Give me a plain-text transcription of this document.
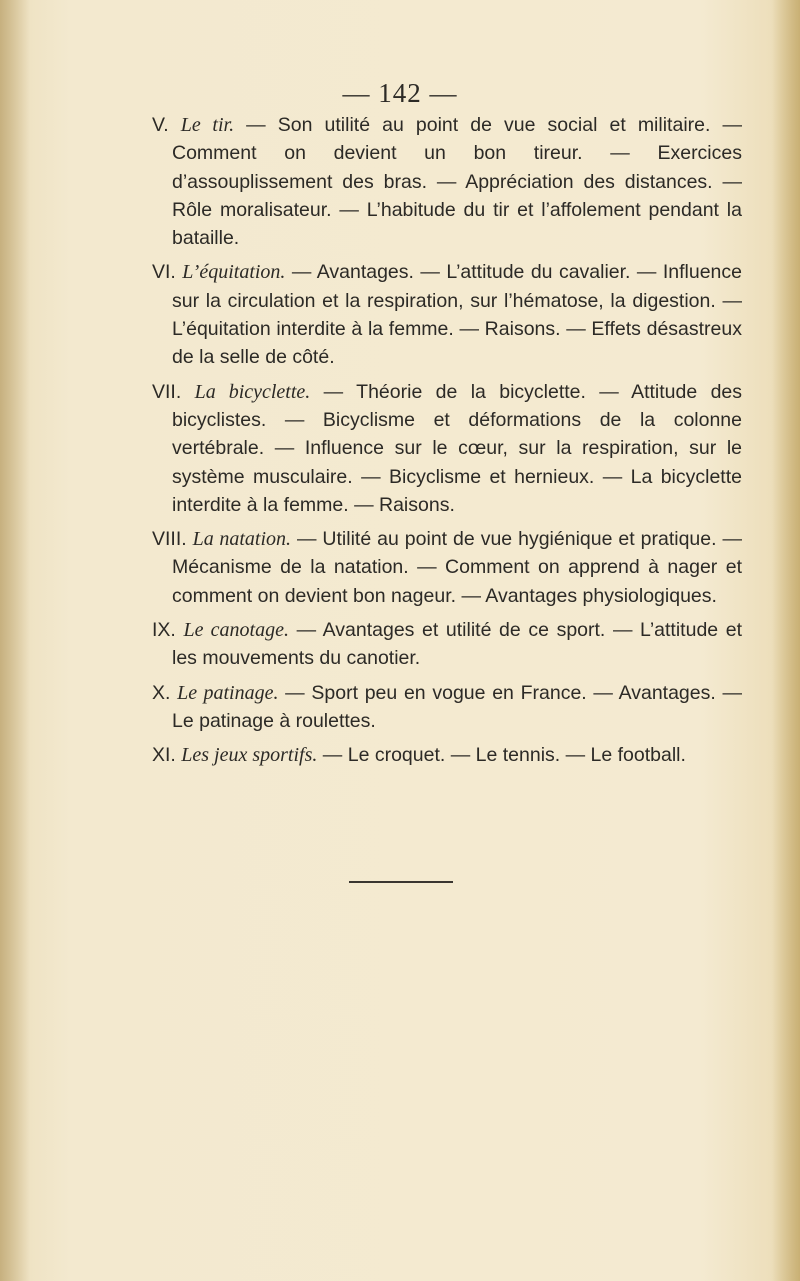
— 142 —

V. Le tir. — Son utilité au point de vue social et militaire. — Comment on devient un bon tireur. — Exercices d’assouplissement des bras. — Appréciation des distances. — Rôle moralisateur. — L’habitude du tir et l’affolement pendant la bataille.

VI. L’équitation. — Avantages. — L’attitude du cavalier. — Influence sur la circulation et la respiration, sur l’hématose, la digestion. — L’équitation interdite à la femme. — Raisons. — Effets désastreux de la selle de côté.

VII. La bicyclette. — Théorie de la bicyclette. — Attitude des bicyclistes. — Bicyclisme et déformations de la colonne vertébrale. — Influence sur le cœur, sur la respiration, sur le système musculaire. — Bicyclisme et hernieux. — La bicyclette interdite à la femme. — Raisons.

VIII. La natation. — Utilité au point de vue hygiénique et pratique. — Mécanisme de la natation. — Comment on apprend à nager et comment on devient bon nageur. — Avantages physiologiques.

IX. Le canotage. — Avantages et utilité de ce sport. — L’attitude et les mouvements du canotier.

X. Le patinage. — Sport peu en vogue en France. — Avantages. — Le patinage à roulettes.

XI. Les jeux sportifs. — Le croquet. — Le tennis. — Le football.
